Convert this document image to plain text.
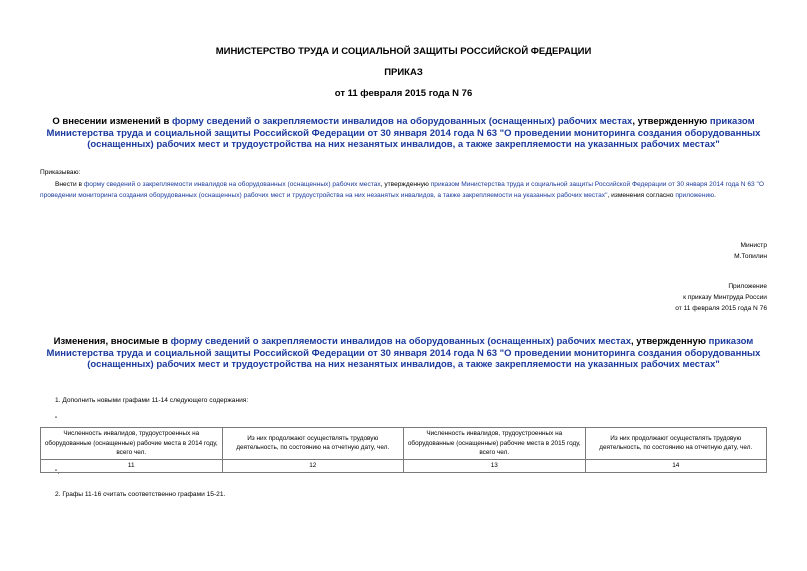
МИНИСТЕРСТВО ТРУДА И СОЦИАЛЬНОЙ ЗАЩИТЫ РОССИЙСКОЙ ФЕДЕРАЦИИ
ПРИКАЗ
от 11 февраля 2015 года N 76
О внесении изменений в форму сведений о закрепляемости инвалидов на оборудованных (оснащенных) рабочих местах, утвержденную приказом Министерства труда и социальной защиты Российской Федерации от 30 января 2014 года N 63 "О проведении мониторинга создания оборудованных (оснащенных) рабочих мест и трудоустройства на них незанятых инвалидов, а также закрепляемости на указанных рабочих местах"
Приказываю:
Внести в форму сведений о закрепляемости инвалидов на оборудованных (оснащенных) рабочих местах, утвержденную приказом Министерства труда и социальной защиты Российской Федерации от 30 января 2014 года N 63 "О проведении мониторинга создания оборудованных (оснащенных) рабочих мест и трудоустройства на них незанятых инвалидов, а также закрепляемости на указанных рабочих местах", изменения согласно приложению.
Министр
М.Топилин
Приложение
к приказу Минтруда России
от 11 февраля 2015 года N 76
Изменения, вносимые в форму сведений о закрепляемости инвалидов на оборудованных (оснащенных) рабочих местах, утвержденную приказом Министерства труда и социальной защиты Российской Федерации от 30 января 2014 года N 63 "О проведении мониторинга создания оборудованных (оснащенных) рабочих мест и трудоустройства на них незанятых инвалидов, а также закрепляемости на указанных рабочих местах"
1. Дополнить новыми графами 11-14 следующего содержания:
"
Численность инвалидов, трудоустроенных на оборудованные (оснащенные) рабочие места в 2014 году, всего чел.	Из них продолжают осуществлять трудовую деятельность, по состоянию на отчетную дату, чел.	Численность инвалидов, трудоустроенных на оборудованные (оснащенные) рабочие места в 2015 году, всего чел.	Из них продолжают осуществлять трудовую деятельность, по состоянию на отчетную дату, чел.
11	12	13	14
".
2. Графы 11-16 считать соответственно графами 15-21.
